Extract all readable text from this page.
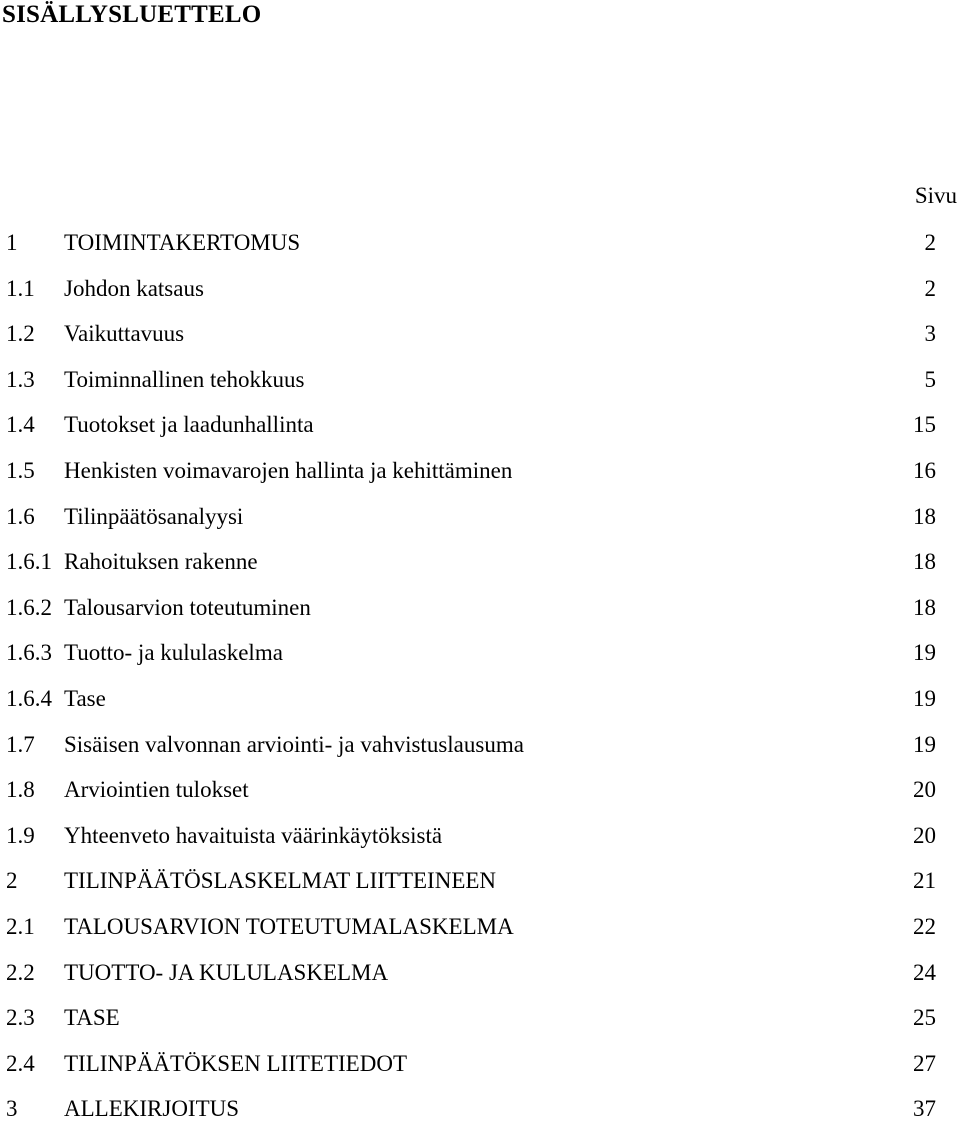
SISÄLLYSLUETTELO
Sivu
1 TOIMINTAKERTOMUS	2
1.1 Johdon katsaus	2
1.2 Vaikuttavuus	3
1.3 Toiminnallinen tehokkuus	5
1.4 Tuotokset ja laadunhallinta	15
1.5 Henkisten voimavarojen hallinta ja kehittäminen	16
1.6 Tilinpäätösanalyysi	18
1.6.1 Rahoituksen rakenne	18
1.6.2 Talousarvion toteutuminen	18
1.6.3 Tuotto- ja kululaskelma	19
1.6.4 Tase	19
1.7 Sisäisen valvonnan arviointi- ja vahvistuslausuma	19
1.8 Arviointien tulokset	20
1.9 Yhteenveto havaituista väärinkäytöksistä	20
2 TILINPÄÄTÖSLASKELMAT LIITTEINEEN	21
2.1 TALOUSARVION TOTEUTUMALASKELMA	22
2.2 TUOTTO- JA KULULASKELMA	24
2.3 TASE	25
2.4 TILINPÄÄTÖKSEN LIITETIEDOT	27
3 ALLEKIRJOITUS	37
